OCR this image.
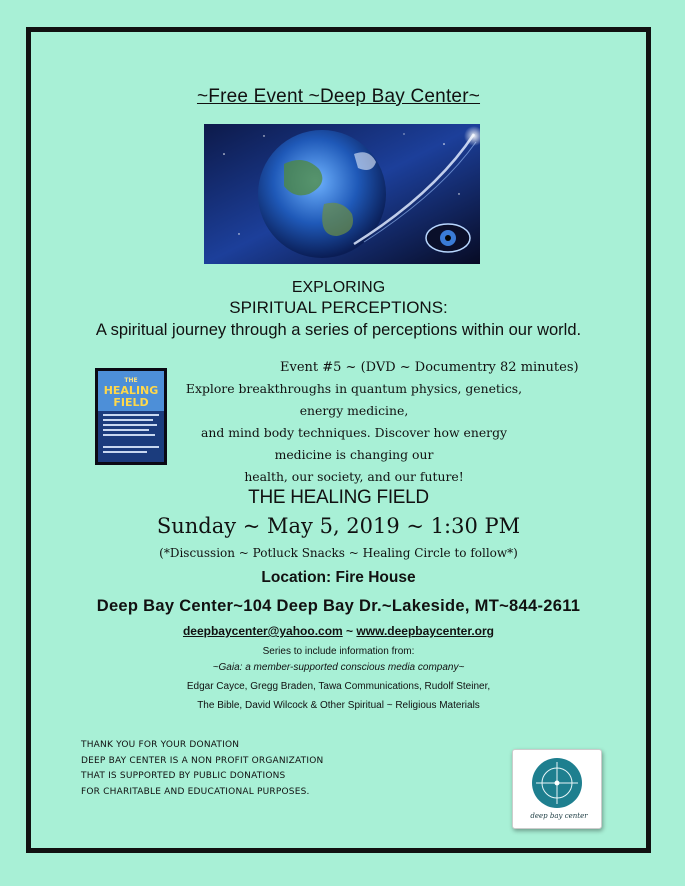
~Free Event ~Deep Bay Center~
EXPLORING
SPIRITUAL PERCEPTIONS:
A spiritual journey through a series of perceptions within our world.
THE
HEALING
FIELD
Event #5 ~ (DVD ~ Documentry 82 minutes)
Explore breakthroughs in quantum physics, genetics, energy medicine,
and mind body techniques. Discover how energy medicine is changing our
health, our society, and our future!
THE HEALING FIELD
Sunday ~ May 5, 2019 ~ 1:30 PM
(*Discussion ~ Potluck Snacks ~ Healing Circle to follow*)
Location: Fire House
Deep Bay Center~104 Deep Bay Dr.~Lakeside, MT~844-2611
deepbaycenter@yahoo.com ~ www.deepbaycenter.org
Series to include information from:
~Gaia: a member-supported conscious media company~
Edgar Cayce, Gregg Braden, Tawa Communications, Rudolf Steiner,
The Bible, David Wilcock & Other Spiritual ~ Religious Materials
THANK YOU FOR YOUR DONATION
DEEP BAY CENTER IS A NON PROFIT ORGANIZATION
THAT IS SUPPORTED BY PUBLIC DONATIONS
FOR CHARITABLE AND EDUCATIONAL PURPOSES.
deep bay center
